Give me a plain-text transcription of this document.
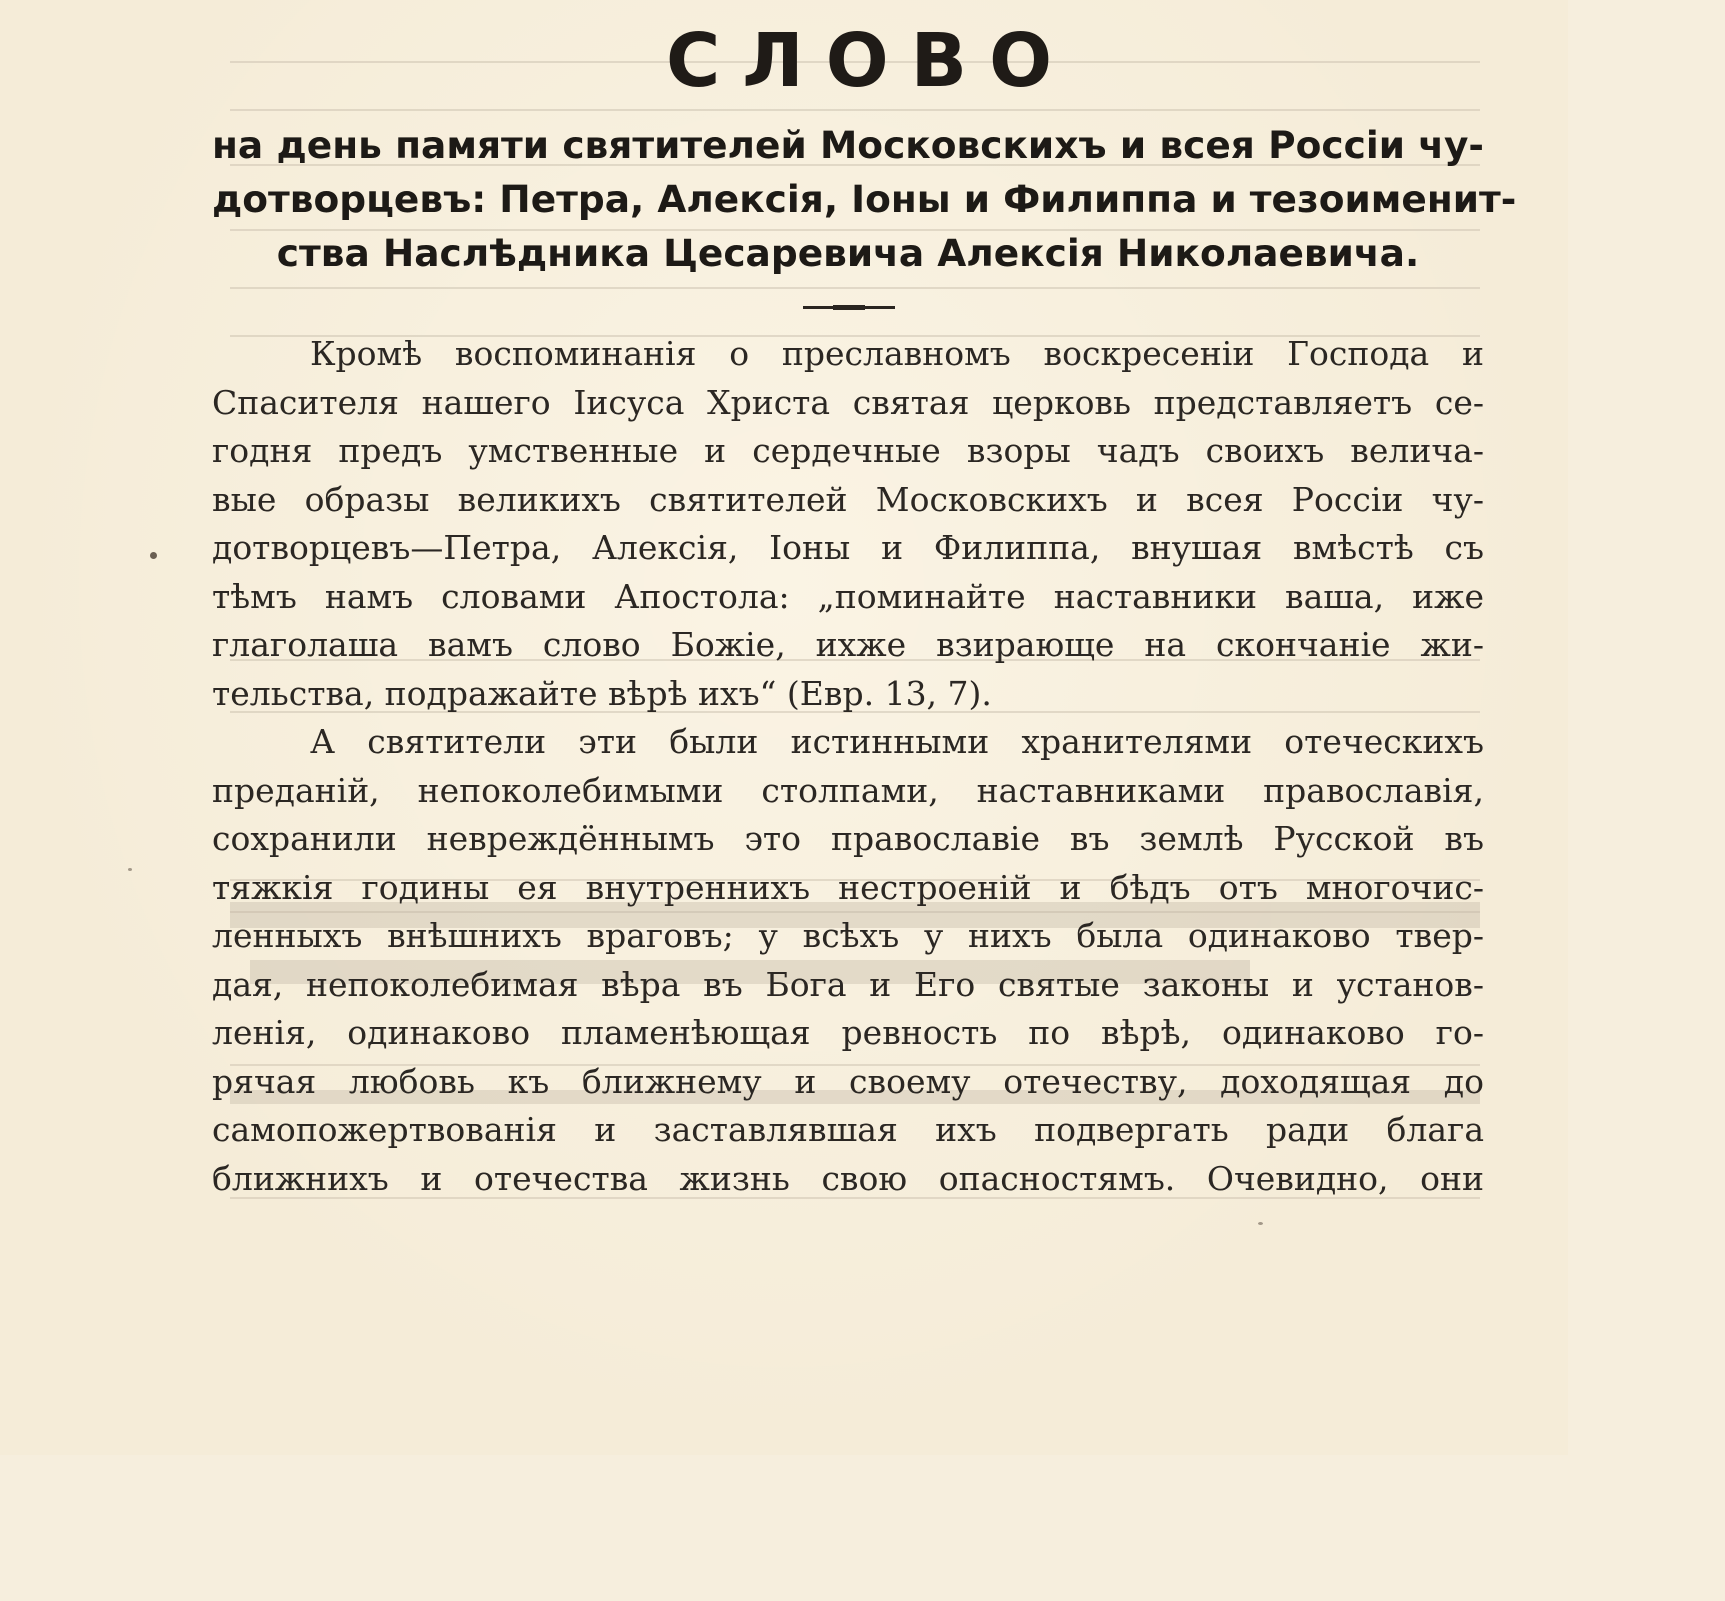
СЛОВО
на день памяти святителей Московскихъ и всея Россіи чу-
дотворцевъ: Петра, Алексія, Іоны и Филиппа и тезоименит-
ства Наслѣдника Цесаревича Алексія Николаевича.
Кромѣ воспоминанія о преславномъ воскресеніи Господа и
Спасителя нашего Іисуса Христа святая церковь представляетъ се-
годня предъ умственные и сердечные взоры чадъ своихъ велича-
вые образы великихъ святителей Московскихъ и всея Россіи чу-
дотворцевъ—Петра, Алексія, Іоны и Филиппа, внушая вмѣстѣ съ
тѣмъ намъ словами Апостола: „поминайте наставники ваша, иже
глаголаша вамъ слово Божіе, ихже взирающе на скончаніе жи-
тельства, подражайте вѣрѣ ихъ“ (Евр. 13, 7).
А святители эти были истинными хранителями отеческихъ
преданій, непоколебимыми столпами, наставниками православія,
сохранили невреждённымъ это православіе въ землѣ Русской въ
тяжкія годины ея внутреннихъ нестроеній и бѣдъ отъ многочис-
ленныхъ внѣшнихъ враговъ; у всѣхъ у нихъ была одинаково твер-
дая, непоколебимая вѣра въ Бога и Его святые законы и установ-
ленія, одинаково пламенѣющая ревность по вѣрѣ, одинаково го-
рячая любовь къ ближнему и своему отечеству, доходящая до
самопожертвованія и заставлявшая ихъ подвергать ради блага
ближнихъ и отечества жизнь свою опасностямъ. Очевидно, они
